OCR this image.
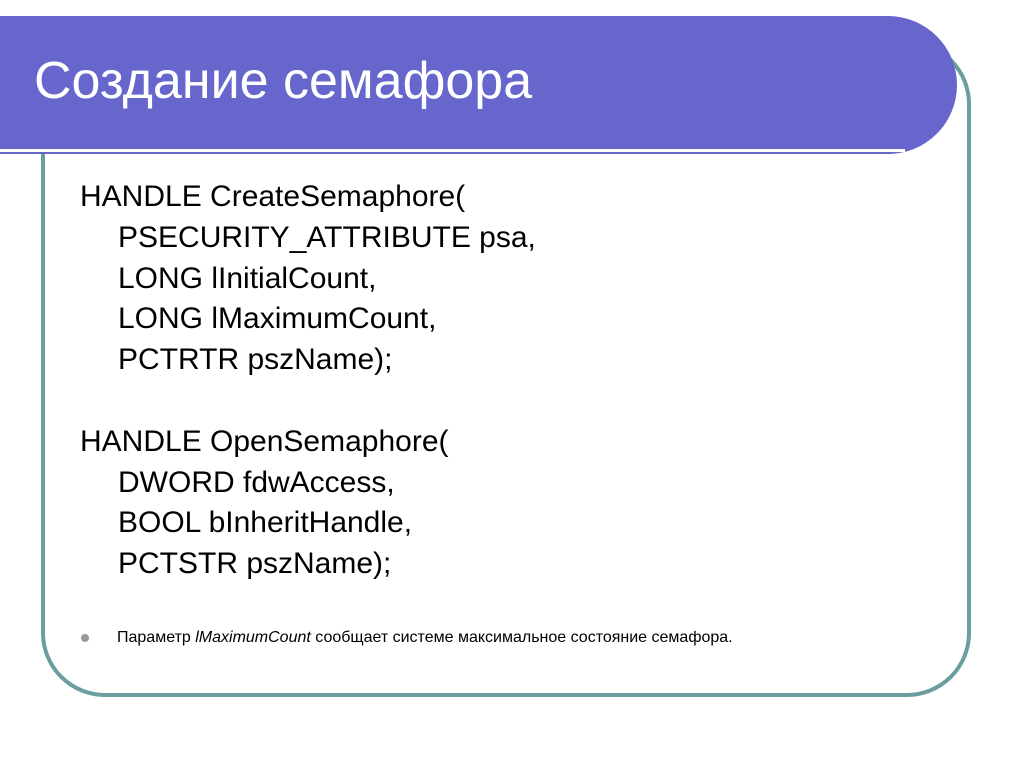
Создание семафора
HANDLE CreateSemaphore(
PSECURITY_ATTRIBUTE psa,
LONG lInitialCount,
LONG lMaximumCount,
PCTRTR pszName);
HANDLE OpenSemaphore(
DWORD fdwAccess,
BOOL bInheritHandle,
PCTSTR pszName);
Параметр lMaximumCount сообщает системе максимальное состояние семафора.
